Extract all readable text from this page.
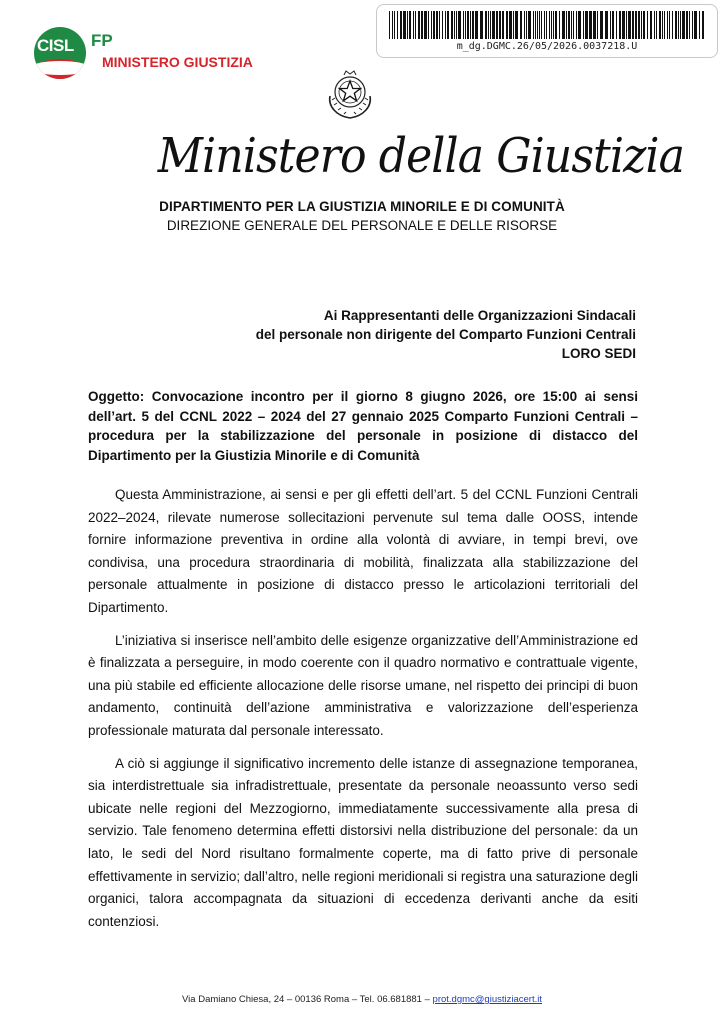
CISL FP
MINISTERO GIUSTIZIA
m_dg.DGMC.26/05/2026.0037218.U
Ministero della Giustizia
DIPARTIMENTO PER LA GIUSTIZIA MINORILE E DI COMUNITÀ
DIREZIONE GENERALE DEL PERSONALE E DELLE RISORSE
Ai Rappresentanti delle Organizzazioni Sindacali
del personale non dirigente del Comparto Funzioni Centrali
LORO SEDI
Oggetto: Convocazione incontro per il giorno 8 giugno 2026, ore 15:00 ai sensi dell’art. 5 del CCNL 2022 – 2024 del 27 gennaio 2025 Comparto Funzioni Centrali – procedura per la stabilizzazione del personale in posizione di distacco del Dipartimento per la Giustizia Minorile e di Comunità

Questa Amministrazione, ai sensi e per gli effetti dell’art. 5 del CCNL Funzioni Centrali 2022–2024, rilevate numerose sollecitazioni pervenute sul tema dalle OOSS, intende fornire informazione preventiva in ordine alla volontà di avviare, in tempi brevi, ove condivisa, una procedura straordinaria di mobilità, finalizzata alla stabilizzazione del personale attualmente in posizione di distacco presso le articolazioni territoriali del Dipartimento.

L’iniziativa si inserisce nell’ambito delle esigenze organizzative dell’Amministrazione ed è finalizzata a perseguire, in modo coerente con il quadro normativo e contrattuale vigente, una più stabile ed efficiente allocazione delle risorse umane, nel rispetto dei principi di buon andamento, continuità dell’azione amministrativa e valorizzazione dell’esperienza professionale maturata dal personale interessato.

A ciò si aggiunge il significativo incremento delle istanze di assegnazione temporanea, sia interdistrettuale sia infradistrettuale, presentate da personale neoassunto verso sedi ubicate nelle regioni del Mezzogiorno, immediatamente successivamente alla presa di servizio. Tale fenomeno determina effetti distorsivi nella distribuzione del personale: da un lato, le sedi del Nord risultano formalmente coperte, ma di fatto prive di personale effettivamente in servizio; dall’altro, nelle regioni meridionali si registra una saturazione degli organici, talora accompagnata da situazioni di eccedenza derivanti anche da esiti contenziosi.

Via Damiano Chiesa, 24 – 00136 Roma – Tel. 06.681881 – prot.dgmc@giustiziacert.it
